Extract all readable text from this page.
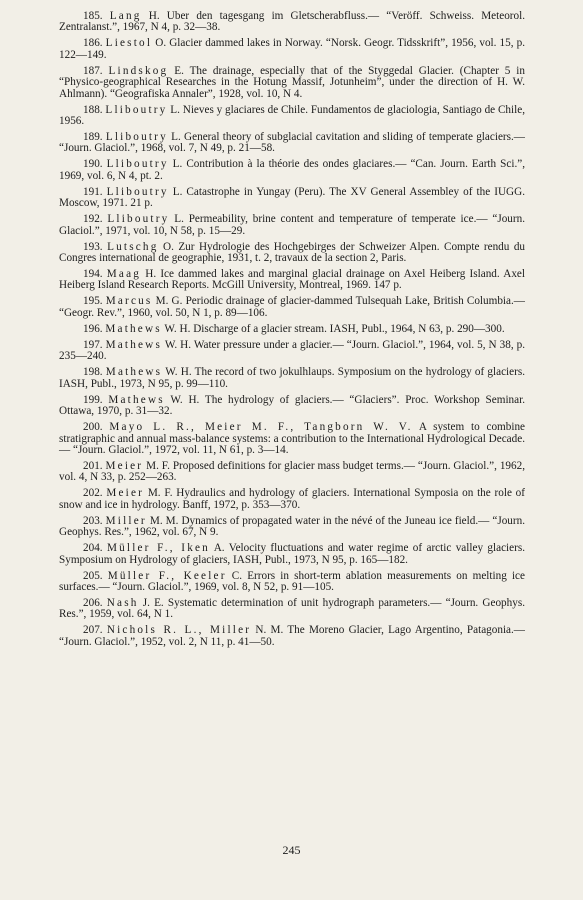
185. Lang H. Uber den tagesgang im Gletscherabfluss.— “Veröff. Schweiss. Meteorol. Zentralanst.”, 1967, N 4, p. 32—38.

186. Liestol O. Glacier dammed lakes in Norway. “Norsk. Geogr. Tidsskrift”, 1956, vol. 15, p. 122—149.

187. Lindskog E. The drainage, especially that of the Styggedal Glacier. (Chapter 5 in “Physico-geographical Researches in the Hotung Massif, Jotunheim”, under the direction of H. W. Ahlmann). “Geografiska Annaler”, 1928, vol. 10, N 4.

188. Lliboutry L. Nieves y glaciares de Chile. Fundamentos de glaciologia, Santiago de Chile, 1956.

189. Lliboutry L. General theory of subglacial cavitation and sliding of temperate glaciers.— “Journ. Glaciol.”, 1968, vol. 7, N 49, p. 21—58.

190. Lliboutry L. Contribution à la théorie des ondes glaciares.— “Can. Journ. Earth Sci.”, 1969, vol. 6, N 4, pt. 2.

191. Lliboutry L. Catastrophe in Yungay (Peru). The XV General Assembley of the IUGG. Moscow, 1971. 21 p.

192. Lliboutry L. Permeability, brine content and temperature of temperate ice.— “Journ. Glaciol.”, 1971, vol. 10, N 58, p. 15—29.

193. Lutschg O. Zur Hydrologie des Hochgebirges der Schweizer Alpen. Compte rendu du Congres international de geographie, 1931, t. 2, travaux de la section 2, Paris.

194. Maag H. Ice dammed lakes and marginal glacial drainage on Axel Heiberg Island. Axel Heiberg Island Research Reports. McGill University, Montreal, 1969. 147 p.

195. Marcus M. G. Periodic drainage of glacier-dammed Tulsequah Lake, British Columbia.— “Geogr. Rev.”, 1960, vol. 50, N 1, p. 89—106.

196. Mathews W. H. Discharge of a glacier stream. IASH, Publ., 1964, N 63, p. 290—300.

197. Mathews W. H. Water pressure under a glacier.— “Journ. Glaciol.”, 1964, vol. 5, N 38, p. 235—240.

198. Mathews W. H. The record of two jokulhlaups. Symposium on the hydrology of glaciers. IASH, Publ., 1973, N 95, p. 99—110.

199. Mathews W. H. The hydrology of glaciers.— “Glaciers”. Proc. Workshop Seminar. Ottawa, 1970, p. 31—32.

200. Mayo L. R., Meier M. F., Tangborn W. V. A system to combine stratigraphic and annual mass-balance systems: a contribution to the International Hydrological Decade.— “Journ. Glaciol.”, 1972, vol. 11, N 61, p. 3—14.

201. Meier M. F. Proposed definitions for glacier mass budget terms.— “Journ. Glaciol.”, 1962, vol. 4, N 33, p. 252—263.

202. Meier M. F. Hydraulics and hydrology of glaciers. International Symposia on the role of snow and ice in hydrology. Banff, 1972, p. 353—370.

203. Miller M. M. Dynamics of propagated water in the névé of the Juneau ice field.— “Journ. Geophys. Res.”, 1962, vol. 67, N 9.

204. Müller F., Iken A. Velocity fluctuations and water regime of arctic valley glaciers. Symposium on Hydrology of glaciers, IASH, Publ., 1973, N 95, p. 165—182.

205. Müller F., Keeler C. Errors in short-term ablation measurements on melting ice surfaces.— “Journ. Glaciol.”, 1969, vol. 8, N 52, p. 91—105.

206. Nash J. E. Systematic determination of unit hydrograph parameters.— “Journ. Geophys. Res.”, 1959, vol. 64, N 1.

207. Nichols R. L., Miller N. M. The Moreno Glacier, Lago Argentino, Patagonia.— “Journ. Glaciol.”, 1952, vol. 2, N 11, p. 41—50.

245
